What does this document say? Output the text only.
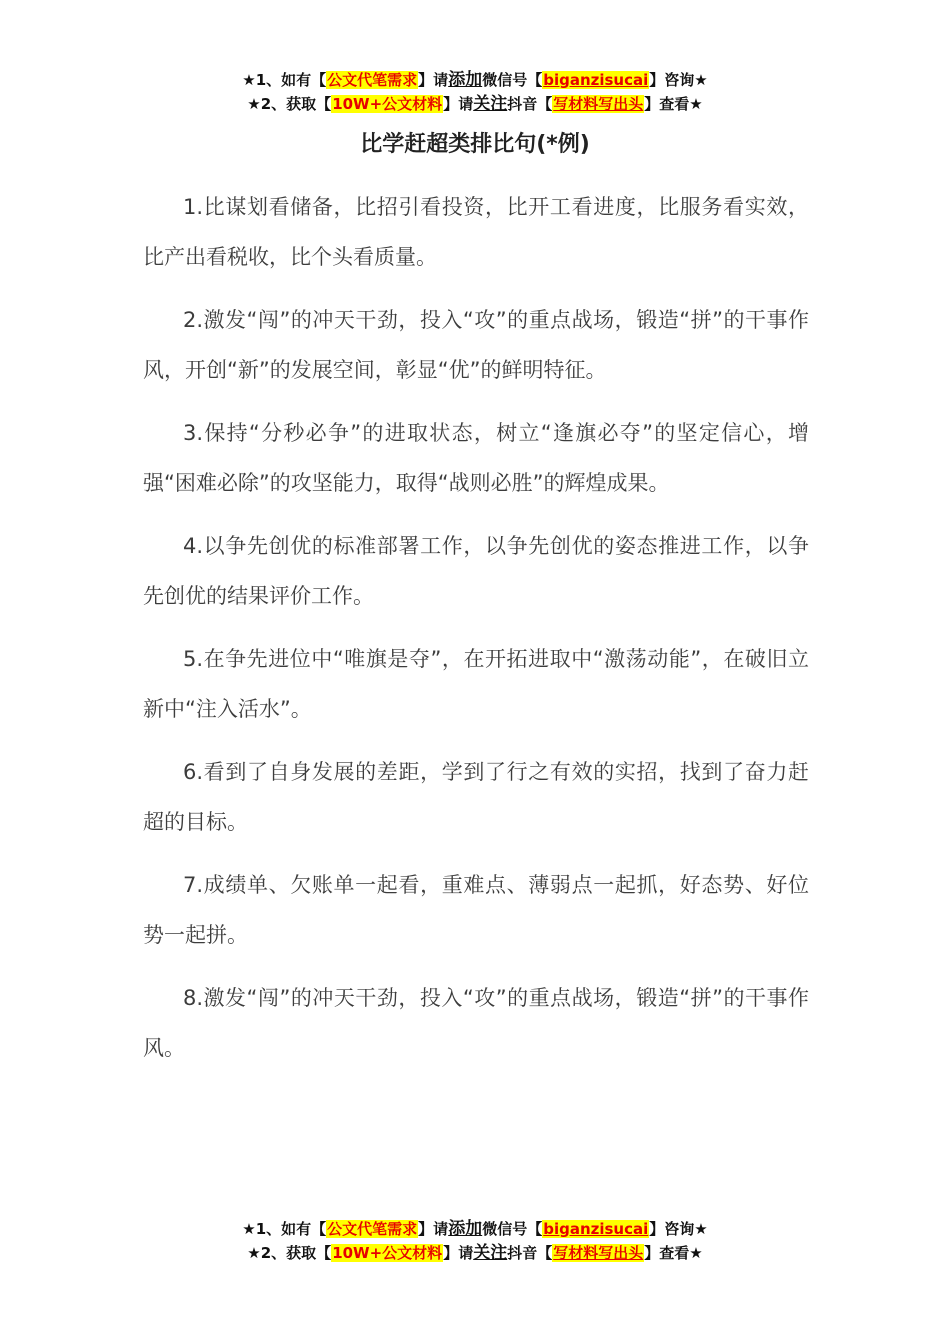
★1、如有【公文代笔需求】请添加微信号【biganzisucai】咨询★
★2、获取【10W+公文材料】请关注抖音【写材料写出头】查看★
比学赶超类排比句(*例)

1.比谋划看储备，比招引看投资，比开工看进度，比服务看实效，比产出看税收，比个头看质量。

2.激发“闯”的冲天干劲，投入“攻”的重点战场，锻造“拼”的干事作风，开创“新”的发展空间，彰显“优”的鲜明特征。

3.保持“分秒必争”的进取状态，树立“逢旗必夺”的坚定信心，增强“困难必除”的攻坚能力，取得“战则必胜”的辉煌成果。

4.以争先创优的标准部署工作，以争先创优的姿态推进工作，以争先创优的结果评价工作。

5.在争先进位中“唯旗是夺”，在开拓进取中“激荡动能”，在破旧立新中“注入活水”。

6.看到了自身发展的差距，学到了行之有效的实招，找到了奋力赶超的目标。

7.成绩单、欠账单一起看，重难点、薄弱点一起抓，好态势、好位势一起拼。

8.激发“闯”的冲天干劲，投入“攻”的重点战场，锻造“拼”的干事作风。

★1、如有【公文代笔需求】请添加微信号【biganzisucai】咨询★
★2、获取【10W+公文材料】请关注抖音【写材料写出头】查看★
